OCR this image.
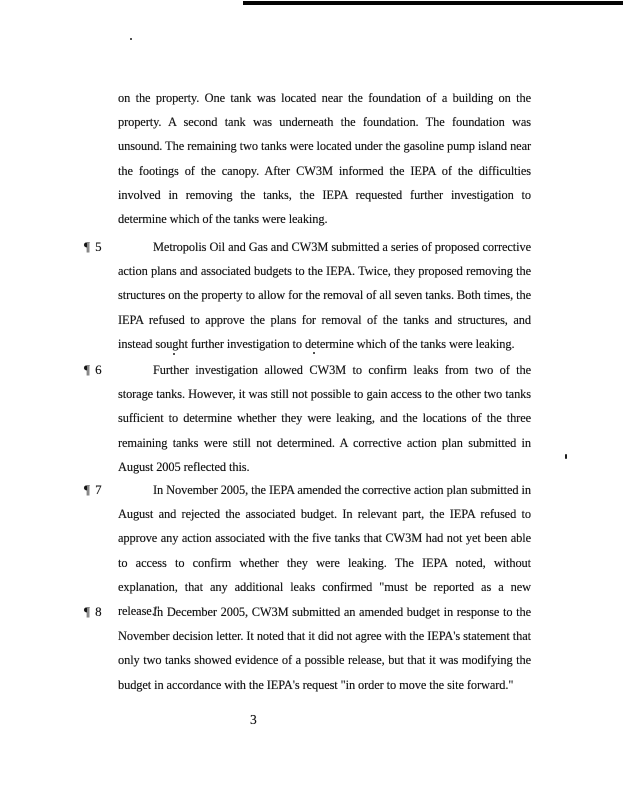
on the property. One tank was located near the foundation of a building on the property. A second tank was underneath the foundation. The foundation was unsound. The remaining two tanks were located under the gasoline pump island near the footings of the canopy. After CW3M informed the IEPA of the difficulties involved in removing the tanks, the IEPA requested further investigation to determine which of the tanks were leaking.

¶ 5	Metropolis Oil and Gas and CW3M submitted a series of proposed corrective action plans and associated budgets to the IEPA. Twice, they proposed removing the structures on the property to allow for the removal of all seven tanks. Both times, the IEPA refused to approve the plans for removal of the tanks and structures, and instead sought further investigation to determine which of the tanks were leaking.

¶ 6	Further investigation allowed CW3M to confirm leaks from two of the storage tanks. However, it was still not possible to gain access to the other two tanks sufficient to determine whether they were leaking, and the locations of the three remaining tanks were still not determined. A corrective action plan submitted in August 2005 reflected this.

¶ 7	In November 2005, the IEPA amended the corrective action plan submitted in August and rejected the associated budget. In relevant part, the IEPA refused to approve any action associated with the five tanks that CW3M had not yet been able to access to confirm whether they were leaking. The IEPA noted, without explanation, that any additional leaks confirmed "must be reported as a new release."

¶ 8	In December 2005, CW3M submitted an amended budget in response to the November decision letter. It noted that it did not agree with the IEPA's statement that only two tanks showed evidence of a possible release, but that it was modifying the budget in accordance with the IEPA's request "in order to move the site forward."

3
